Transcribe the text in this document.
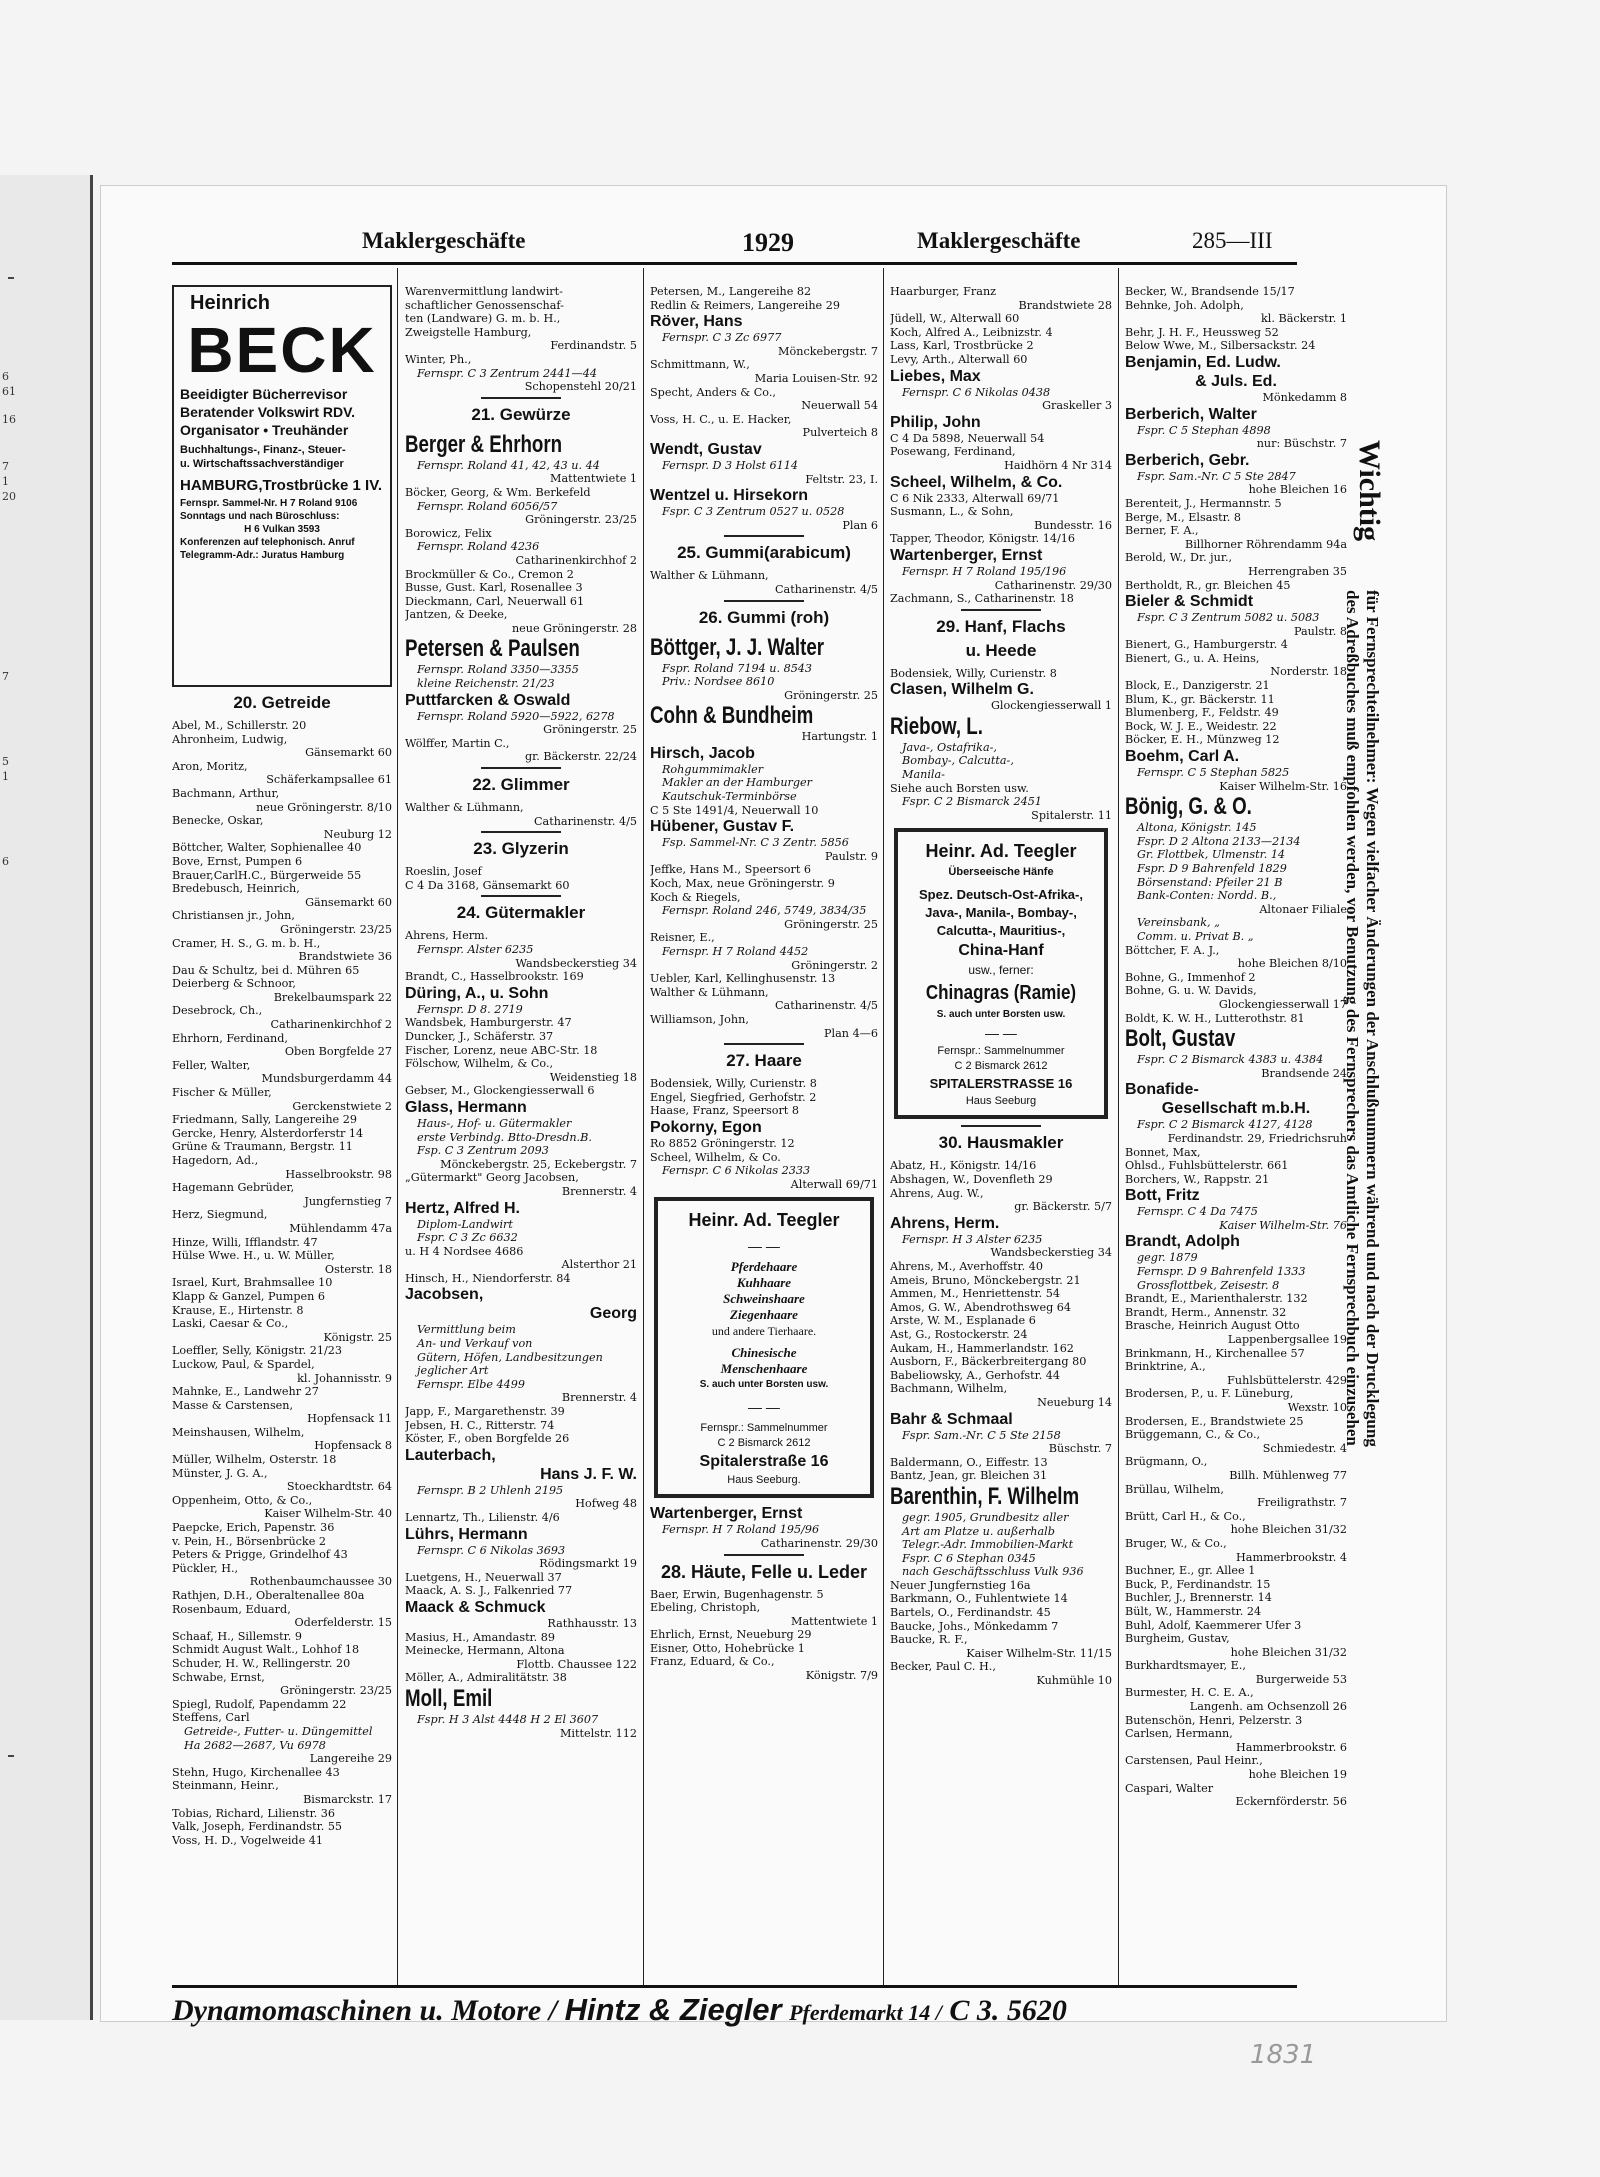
6
61
16
7
1
20
7
5
1
6
Maklergeschäfte	1929	Maklergeschäfte	285—III
Heinrich
BECK
Beeidigter Bücherrevisor
Beratender Volkswirt RDV.
Organisator • Treuhänder
Buchhaltungs-, Finanz-, Steuer-
u. Wirtschaftssachverständiger
HAMBURG,Trostbrücke 1 IV.
Fernspr. Sammel-Nr. H 7 Roland 9106
Sonntags und nach Büroschluss:
H 6 Vulkan 3593
Konferenzen auf telephonisch. Anruf
Telegramm-Adr.: Juratus Hamburg
20. Getreide
Abel, M., Schillerstr. 20
Ahronheim, Ludwig,
Gänsemarkt 60
Aron, Moritz,
Schäferkampsallee 61
Bachmann, Arthur,
neue Gröningerstr. 8/10
Benecke, Oskar,
Neuburg 12
Böttcher, Walter, Sophienallee 40
Bove, Ernst, Pumpen 6
Brauer,CarlH.C., Bürgerweide 55
Bredebusch, Heinrich,
Gänsemarkt 60
Christiansen jr., John,
Gröningerstr. 23/25
Cramer, H. S., G. m. b. H.,
Brandstwiete 36
Dau & Schultz, bei d. Mühren 65
Deierberg & Schnoor,
Brekelbaumspark 22
Desebrock, Ch.,
Catharinenkirchhof 2
Ehrhorn, Ferdinand,
Oben Borgfelde 27
Feller, Walter,
Mundsburgerdamm 44
Fischer & Müller,
Gerckenstwiete 2
Friedmann, Sally, Langereihe 29
Gercke, Henry, Alsterdorferstr 14
Grüne & Traumann, Bergstr. 11
Hagedorn, Ad.,
Hasselbrookstr. 98
Hagemann Gebrüder,
Jungfernstieg 7
Herz, Siegmund,
Mühlendamm 47a
Hinze, Willi, Ifflandstr. 47
Hülse Wwe. H., u. W. Müller,
Osterstr. 18
Israel, Kurt, Brahmsallee 10
Klapp & Ganzel, Pumpen 6
Krause, E., Hirtenstr. 8
Laski, Caesar & Co.,
Königstr. 25
Loeffler, Selly, Königstr. 21/23
Luckow, Paul, & Spardel,
kl. Johannisstr. 9
Mahnke, E., Landwehr 27
Masse & Carstensen,
Hopfensack 11
Meinshausen, Wilhelm,
Hopfensack 8
Müller, Wilhelm, Osterstr. 18
Münster, J. G. A.,
Stoeckhardtstr. 64
Oppenheim, Otto, & Co.,
Kaiser Wilhelm-Str. 40
Paepcke, Erich, Papenstr. 36
v. Pein, H., Börsenbrücke 2
Peters & Prigge, Grindelhof 43
Pückler, H.,
Rothenbaumchaussee 30
Rathjen, D.H., Oberaltenallee 80a
Rosenbaum, Eduard,
Oderfelderstr. 15
Schaaf, H., Sillemstr. 9
Schmidt August Walt., Lohhof 18
Schuder, H. W., Rellingerstr. 20
Schwabe, Ernst,
Gröningerstr. 23/25
Spiegl, Rudolf, Papendamm 22
Steffens, Carl
Getreide-, Futter- u. Düngemittel
Ha 2682—2687, Vu 6978
Langereihe 29
Stehn, Hugo, Kirchenallee 43
Steinmann, Heinr.,
Bismarckstr. 17
Tobias, Richard, Lilienstr. 36
Valk, Joseph, Ferdinandstr. 55
Voss, H. D., Vogelweide 41
Warenvermittlung landwirt-
schaftlicher Genossenschaf-
ten (Landware) G. m. b. H.,
Zweigstelle Hamburg,
Ferdinandstr. 5
Winter, Ph.,
Fernspr. C 3 Zentrum 2441—44
Schopenstehl 20/21
21. Gewürze
Berger & Ehrhorn
Fernspr. Roland 41, 42, 43 u. 44
Mattentwiete 1
Böcker, Georg, & Wm. Berkefeld
Fernspr. Roland 6056/57
Gröningerstr. 23/25
Borowicz, Felix
Fernspr. Roland 4236
Catharinenkirchhof 2
Brockmüller & Co., Cremon 2
Busse, Gust. Karl, Rosenallee 3
Dieckmann, Carl, Neuerwall 61
Jantzen, & Deeke,
neue Gröningerstr. 28
Petersen & Paulsen
Fernspr. Roland 3350—3355
kleine Reichenstr. 21/23
Puttfarcken & Oswald
Fernspr. Roland 5920—5922, 6278
Gröningerstr. 25
Wölffer, Martin C.,
gr. Bäckerstr. 22/24
22. Glimmer
Walther & Lühmann,
Catharinenstr. 4/5
23. Glyzerin
Roeslin, Josef
C 4 Da 3168, Gänsemarkt 60
24. Gütermakler
Ahrens, Herm.
Fernspr. Alster 6235
Wandsbeckerstieg 34
Brandt, C., Hasselbrookstr. 169
Düring, A., u. Sohn
Fernspr. D 8. 2719
Wandsbek, Hamburgerstr. 47
Duncker, J., Schäferstr. 37
Fischer, Lorenz, neue ABC-Str. 18
Fölschow, Wilhelm, & Co.,
Weidenstieg 18
Gebser, M., Glockengiesserwall 6
Glass, Hermann
Haus-, Hof- u. Gütermakler
erste Verbindg. Btto-Dresdn.B.
Fsp. C 3 Zentrum 2093
Mönckebergstr. 25, Eckebergstr. 7
„Gütermarkt" Georg Jacobsen,
Brennerstr. 4
Hertz, Alfred H.
Diplom-Landwirt
Fspr. C 3 Zc 6632
u. H 4 Nordsee 4686
Alsterthor 21
Hinsch, H., Niendorferstr. 84
Jacobsen,
Georg
Vermittlung beim
An- und Verkauf von
Gütern, Höfen, Landbesitzungen
jeglicher Art
Fernspr. Elbe 4499
Brennerstr. 4
Japp, F., Margarethenstr. 39
Jebsen, H. C., Ritterstr. 74
Köster, F., oben Borgfelde 26
Lauterbach,
Hans J. F. W.
Fernspr. B 2 Uhlenh 2195
Hofweg 48
Lennartz, Th., Lilienstr. 4/6
Lührs, Hermann
Fernspr. C 6 Nikolas 3693
Rödingsmarkt 19
Luetgens, H., Neuerwall 37
Maack, A. S. J., Falkenried 77
Maack & Schmuck
Rathhausstr. 13
Masius, H., Amandastr. 89
Meinecke, Hermann, Altona
Flottb. Chaussee 122
Möller, A., Admiralitätstr. 38
Moll, Emil
Fspr. H 3 Alst 4448 H 2 El 3607
Mittelstr. 112
Petersen, M., Langereihe 82
Redlin & Reimers, Langereihe 29
Röver, Hans
Fernspr. C 3 Zc 6977
Mönckebergstr. 7
Schmittmann, W.,
Maria Louisen-Str. 92
Specht, Anders & Co.,
Neuerwall 54
Voss, H. C., u. E. Hacker,
Pulverteich 8
Wendt, Gustav
Fernspr. D 3 Holst 6114
Feltstr. 23, I.
Wentzel u. Hirsekorn
Fspr. C 3 Zentrum 0527 u. 0528
Plan 6
25. Gummi(arabicum)
Walther & Lühmann,
Catharinenstr. 4/5
26. Gummi (roh)
Böttger, J. J. Walter
Fspr. Roland 7194 u. 8543
Priv.: Nordsee 8610
Gröningerstr. 25
Cohn & Bundheim
Hartungstr. 1
Hirsch, Jacob
Rohgummimakler
Makler an der Hamburger
Kautschuk-Terminbörse
C 5 Ste 1491/4, Neuerwall 10
Hübener, Gustav F.
Fsp. Sammel-Nr. C 3 Zentr. 5856
Paulstr. 9
Jeffke, Hans M., Speersort 6
Koch, Max, neue Gröningerstr. 9
Koch & Riegels,
Fernspr. Roland 246, 5749, 3834/35
Gröningerstr. 25
Reisner, E.,
Fernspr. H 7 Roland 4452
Gröningerstr. 2
Uebler, Karl, Kellinghusenstr. 13
Walther & Lühmann,
Catharinenstr. 4/5
Williamson, John,
Plan 4—6
27. Haare
Bodensiek, Willy, Curienstr. 8
Engel, Siegfried, Gerhofstr. 2
Haase, Franz, Speersort 8
Pokorny, Egon
Ro 8852 Gröningerstr. 12
Scheel, Wilhelm, & Co.
Fernspr. C 6 Nikolas 2333
Alterwall 69/71
Heinr. Ad. Teegler
— —
Pferdehaare
Kuhhaare
Schweinshaare
Ziegenhaare
und andere Tierhaare.
Chinesische
Menschenhaare
S. auch unter Borsten usw.
— —
Fernspr.: Sammelnummer
C 2 Bismarck 2612
Spitalerstraße 16
Haus Seeburg.
Wartenberger, Ernst
Fernspr. H 7 Roland 195/96
Catharinenstr. 29/30
28. Häute, Felle u. Leder
Baer, Erwin, Bugenhagenstr. 5
Ebeling, Christoph,
Mattentwiete 1
Ehrlich, Ernst, Neueburg 29
Eisner, Otto, Hohebrücke 1
Franz, Eduard, & Co.,
Königstr. 7/9
Haarburger, Franz
Brandstwiete 28
Jüdell, W., Alterwall 60
Koch, Alfred A., Leibnizstr. 4
Lass, Karl, Trostbrücke 2
Levy, Arth., Alterwall 60
Liebes, Max
Fernspr. C 6 Nikolas 0438
Graskeller 3
Philip, John
C 4 Da 5898, Neuerwall 54
Posewang, Ferdinand,
Haidhörn 4 Nr 314
Scheel, Wilhelm, & Co.
C 6 Nik 2333, Alterwall 69/71
Susmann, L., & Sohn,
Bundesstr. 16
Tapper, Theodor, Königstr. 14/16
Wartenberger, Ernst
Fernspr. H 7 Roland 195/196
Catharinenstr. 29/30
Zachmann, S., Catharinenstr. 18
29. Hanf, Flachs
u. Heede
Bodensiek, Willy, Curienstr. 8
Clasen, Wilhelm G.
Glockengiesserwall 1
Riebow, L.
Java-, Ostafrika-,
Bombay-, Calcutta-,
Manila-
Siehe auch Borsten usw.
Fspr. C 2 Bismarck 2451
Spitalerstr. 11
Heinr. Ad. Teegler
Überseeische Hänfe
Spez. Deutsch-Ost-Afrika-,
Java-, Manila-, Bombay-,
Calcutta-, Mauritius-,
China-Hanf
usw., ferner:
Chinagras (Ramie)
S. auch unter Borsten usw.
— —
Fernspr.: Sammelnummer
C 2 Bismarck 2612
SPITALERSTRASSE 16
Haus Seeburg
30. Hausmakler
Abatz, H., Königstr. 14/16
Abshagen, W., Dovenfleth 29
Ahrens, Aug. W.,
gr. Bäckerstr. 5/7
Ahrens, Herm.
Fernspr. H 3 Alster 6235
Wandsbeckerstieg 34
Ahrens, M., Averhoffstr. 40
Ameis, Bruno, Mönckebergstr. 21
Ammen, M., Henriettenstr. 54
Amos, G. W., Abendrothsweg 64
Arste, W. M., Esplanade 6
Ast, G., Rostockerstr. 24
Aukam, H., Hammerlandstr. 162
Ausborn, F., Bäckerbreitergang 80
Babeliowsky, A., Gerhofstr. 44
Bachmann, Wilhelm,
Neueburg 14
Bahr & Schmaal
Fspr. Sam.-Nr. C 5 Ste 2158
Büschstr. 7
Baldermann, O., Eiffestr. 13
Bantz, Jean, gr. Bleichen 31
Barenthin, F. Wilhelm
gegr. 1905, Grundbesitz aller
Art am Platze u. außerhalb
Telegr.-Adr. Immobilien-Markt
Fspr. C 6 Stephan 0345
nach Geschäftsschluss Vulk 936
Neuer Jungfernstieg 16a
Barkmann, O., Fuhlentwiete 14
Bartels, O., Ferdinandstr. 45
Baucke, Johs., Mönkedamm 7
Baucke, R. F.,
Kaiser Wilhelm-Str. 11/15
Becker, Paul C. H.,
Kuhmühle 10
Becker, W., Brandsende 15/17
Behnke, Joh. Adolph,
kl. Bäckerstr. 1
Behr, J. H. F., Heussweg 52
Below Wwe, M., Silbersackstr. 24
Benjamin, Ed. Ludw.
& Juls. Ed.
Mönkedamm 8
Berberich, Walter
Fspr. C 5 Stephan 4898
nur: Büschstr. 7
Berberich, Gebr.
Fspr. Sam.-Nr. C 5 Ste 2847
hohe Bleichen 16
Berenteit, J., Hermannstr. 5
Berge, M., Elsastr. 8
Berner, F. A.,
Billhorner Röhrendamm 94a
Berold, W., Dr. jur.,
Herrengraben 35
Bertholdt, R., gr. Bleichen 45
Bieler & Schmidt
Fspr. C 3 Zentrum 5082 u. 5083
Paulstr. 8
Bienert, G., Hamburgerstr. 4
Bienert, G., u. A. Heins,
Norderstr. 18
Block, E., Danzigerstr. 21
Blum, K., gr. Bäckerstr. 11
Blumenberg, F., Feldstr. 49
Bock, W. J. E., Weidestr. 22
Böcker, E. H., Münzweg 12
Boehm, Carl A.
Fernspr. C 5 Stephan 5825
Kaiser Wilhelm-Str. 16
Bönig, G. & O.
Altona, Königstr. 145
Fspr. D 2 Altona 2133—2134
Gr. Flottbek, Ulmenstr. 14
Fspr. D 9 Bahrenfeld 1829
Börsenstand: Pfeiler 21 B
Bank-Conten: Nordd. B.,
Altonaer Filiale
Vereinsbank, „
Comm. u. Privat B. „
Böttcher, F. A. J.,
hohe Bleichen 8/10
Bohne, G., Immenhof 2
Bohne, G. u. W. Davids,
Glockengiesserwall 17
Boldt, K. W. H., Lutterothstr. 81
Bolt, Gustav
Fspr. C 2 Bismarck 4383 u. 4384
Brandsende 24
Bonafide-
Gesellschaft m.b.H.
Fspr. C 2 Bismarck 4127, 4128
Ferdinandstr. 29, Friedrichsruh
Bonnet, Max,
Ohlsd., Fuhlsbüttelerstr. 661
Borchers, W., Rappstr. 21
Bott, Fritz
Fernspr. C 4 Da 7475
Kaiser Wilhelm-Str. 76
Brandt, Adolph
gegr. 1879
Fernspr. D 9 Bahrenfeld 1333
Grossflottbek, Zeisestr. 8
Brandt, E., Marienthalerstr. 132
Brandt, Herm., Annenstr. 32
Brasche, Heinrich August Otto
Lappenbergsallee 19
Brinkmann, H., Kirchenallee 57
Brinktrine, A.,
Fuhlsbüttelerstr. 429
Brodersen, P., u. F. Lüneburg,
Wexstr. 10
Brodersen, E., Brandstwiete 25
Brüggemann, C., & Co.,
Schmiedestr. 4
Brügmann, O.,
Billh. Mühlenweg 77
Brüllau, Wilhelm,
Freiligrathstr. 7
Brütt, Carl H., & Co.,
hohe Bleichen 31/32
Bruger, W., & Co.,
Hammerbrookstr. 4
Buchner, E., gr. Allee 1
Buck, P., Ferdinandstr. 15
Buchler, J., Brennerstr. 14
Bült, W., Hammerstr. 24
Buhl, Adolf, Kaemmerer Ufer 3
Burgheim, Gustav,
hohe Bleichen 31/32
Burkhardtsmayer, E.,
Burgerweide 53
Burmester, H. C. E. A.,
Langenh. am Ochsenzoll 26
Butenschön, Henri, Pelzerstr. 3
Carlsen, Hermann,
Hammerbrookstr. 6
Carstensen, Paul Heinr.,
hohe Bleichen 19
Caspari, Walter
Eckernförderstr. 56
Wichtig
für Fernsprechteilnehmer: Wegen vielfacher Änderungen der Anschlußnummern während und nach der Drucklegung
des Adreßbuches muß empfohlen werden, vor Benutzung des Fernsprechers das Amtliche Fernsprechbuch einzusehen
Dynamomaschinen u. Motore / Hintz & Ziegler Pferdemarkt 14 / C 3. 5620
1831
